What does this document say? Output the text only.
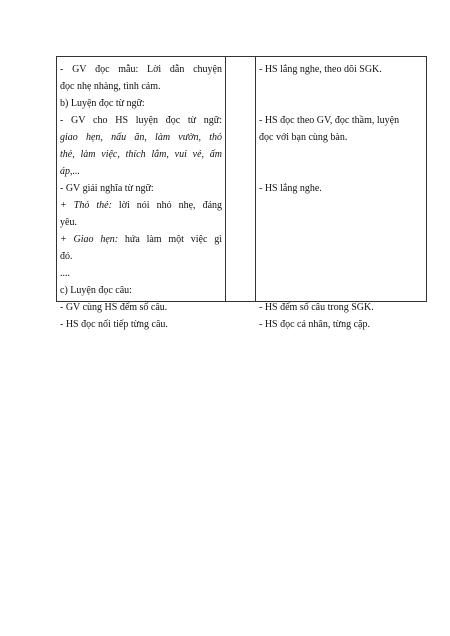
- GV đọc mẫu: Lời dẫn chuyện
đọc nhẹ nhàng, tình cảm.
b) Luyện đọc từ ngữ:
- GV cho HS luyện đọc từ ngữ:
giao hẹn, nấu ăn, làm vườn, thỏ
thẻ, làm việc, thích lắm, vui vẻ, ấm
áp,...
- GV giải nghĩa từ ngữ:
+ Thỏ thẻ: lời nói nhỏ nhẹ, đáng
yêu.
+ Giao hẹn: hứa làm một việc gì
đó.
....
c) Luyện đọc câu:
- GV cùng HS đếm số câu.
- HS đọc nối tiếp từng câu.
- HS lắng nghe, theo dõi SGK.
- HS đọc theo GV, đọc thầm, luyện
đọc với bạn cùng bàn.
- HS lắng nghe.
- HS đếm số câu trong SGK.
- HS đọc cá nhân, từng cặp.
